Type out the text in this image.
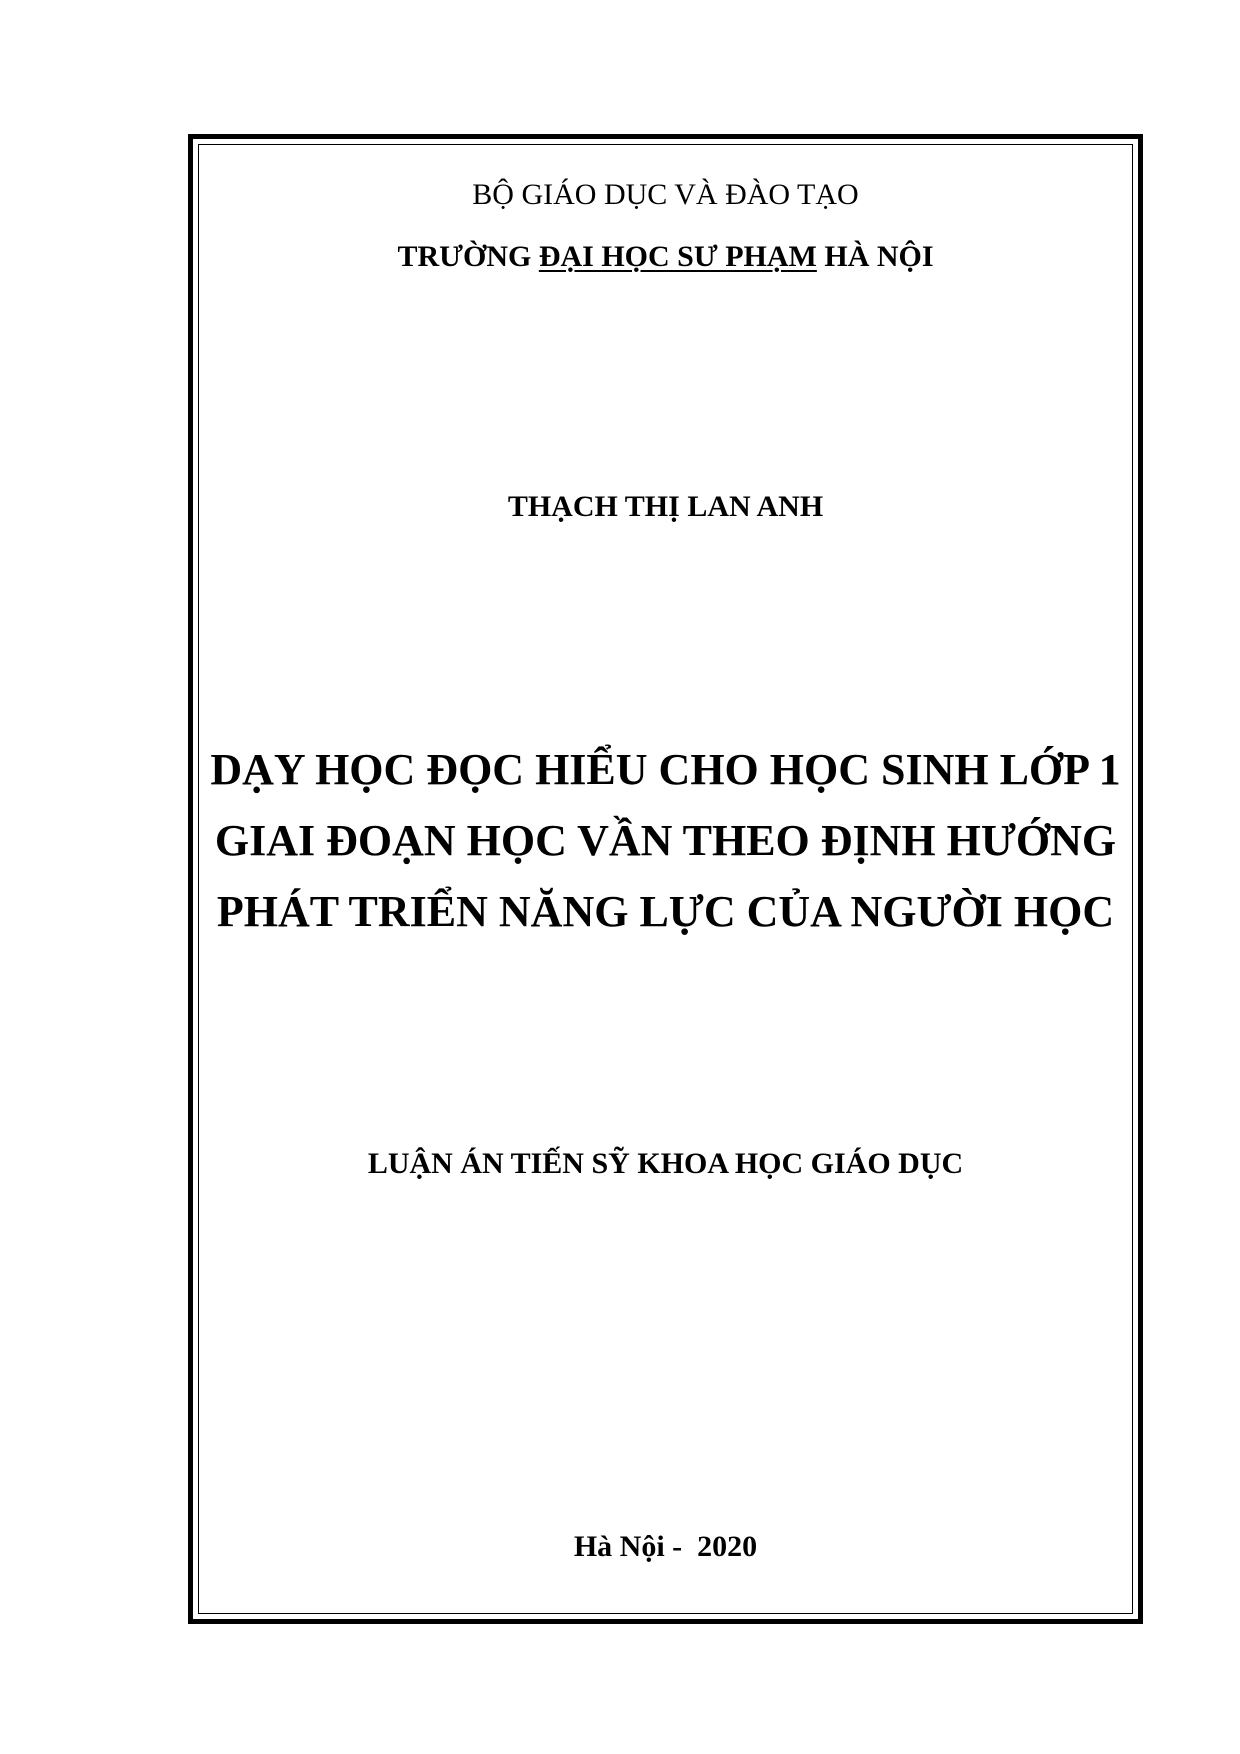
BỘ GIÁO DỤC VÀ ĐÀO TẠO
TRƯỜNG ĐẠI HỌC SƯ PHẠM HÀ NỘI
THẠCH THỊ LAN ANH
DẠY HỌC ĐỌC HIỂU CHO HỌC SINH LỚP 1
GIAI ĐOẠN HỌC VẦN THEO ĐỊNH HƯỚNG
PHÁT TRIỂN NĂNG LỰC CỦA NGƯỜI HỌC
LUẬN ÁN TIẾN SỸ KHOA HỌC GIÁO DỤC
Hà Nội -  2020
